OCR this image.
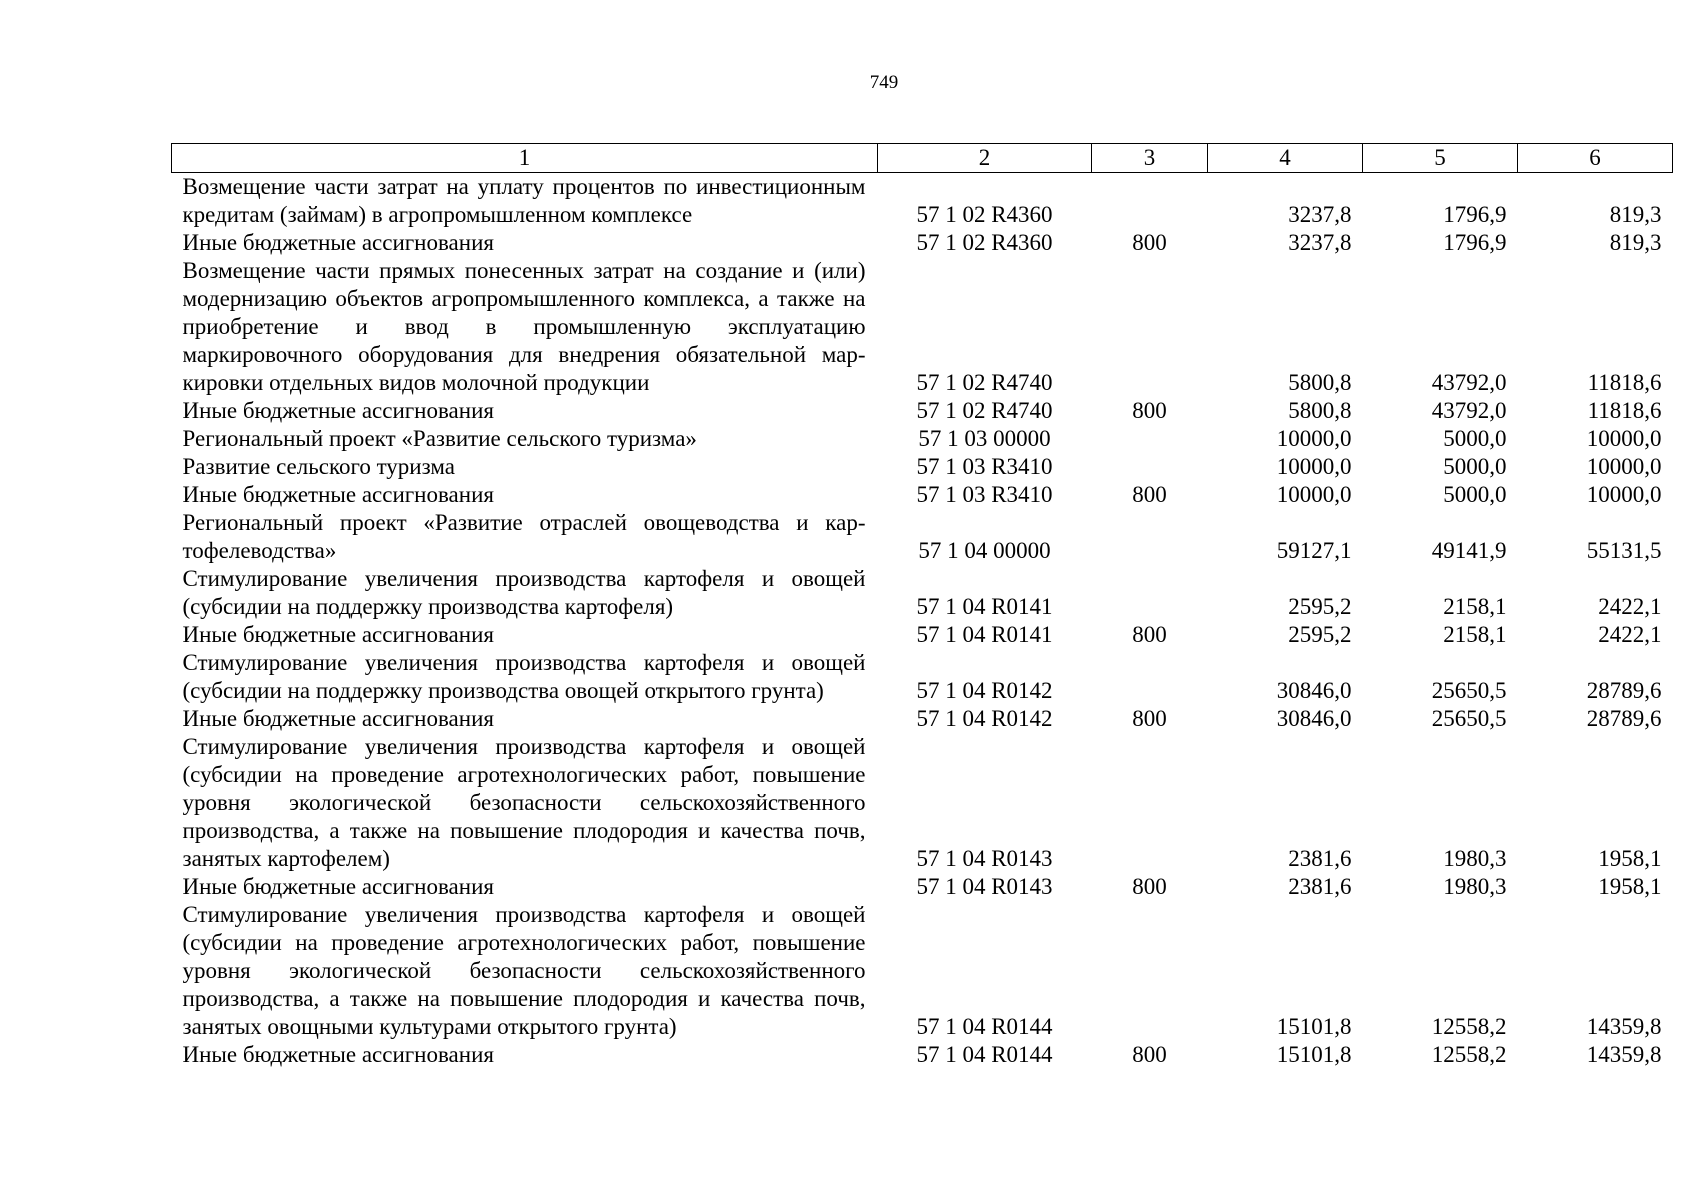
749
1	2	3	4	5	6
Возмещение части затрат на уплату процентов по инвестиционным кредитам (займам) в агропромышленном комплексе	57 1 02 R4360		3237,8	1796,9	819,3
Иные бюджетные ассигнования	57 1 02 R4360	800	3237,8	1796,9	819,3
Возмещение части прямых понесенных затрат на создание и (или) модернизацию объектов агропромышленного комплекса, а также на приобретение и ввод в промышленную эксплуатацию маркировочного оборудования для внедрения обязательной маркировки отдельных видов молочной продукции	57 1 02 R4740		5800,8	43792,0	11818,6
Иные бюджетные ассигнования	57 1 02 R4740	800	5800,8	43792,0	11818,6
Региональный проект «Развитие сельского туризма»	57 1 03 00000		10000,0	5000,0	10000,0
Развитие сельского туризма	57 1 03 R3410		10000,0	5000,0	10000,0
Иные бюджетные ассигнования	57 1 03 R3410	800	10000,0	5000,0	10000,0
Региональный проект «Развитие отраслей овощеводства и картофелеводства»	57 1 04 00000		59127,1	49141,9	55131,5
Стимулирование увеличения производства картофеля и овощей (субсидии на поддержку производства картофеля)	57 1 04 R0141		2595,2	2158,1	2422,1
Иные бюджетные ассигнования	57 1 04 R0141	800	2595,2	2158,1	2422,1
Стимулирование увеличения производства картофеля и овощей (субсидии на поддержку производства овощей открытого грунта)	57 1 04 R0142		30846,0	25650,5	28789,6
Иные бюджетные ассигнования	57 1 04 R0142	800	30846,0	25650,5	28789,6
Стимулирование увеличения производства картофеля и овощей (субсидии на проведение агротехнологических работ, повышение уровня экологической безопасности сельскохозяйственного производства, а также на повышение плодородия и качества почв, занятых картофелем)	57 1 04 R0143		2381,6	1980,3	1958,1
Иные бюджетные ассигнования	57 1 04 R0143	800	2381,6	1980,3	1958,1
Стимулирование увеличения производства картофеля и овощей (субсидии на проведение агротехнологических работ, повышение уровня экологической безопасности сельскохозяйственного производства, а также на повышение плодородия и качества почв, занятых овощными культурами открытого грунта)	57 1 04 R0144		15101,8	12558,2	14359,8
Иные бюджетные ассигнования	57 1 04 R0144	800	15101,8	12558,2	14359,8
